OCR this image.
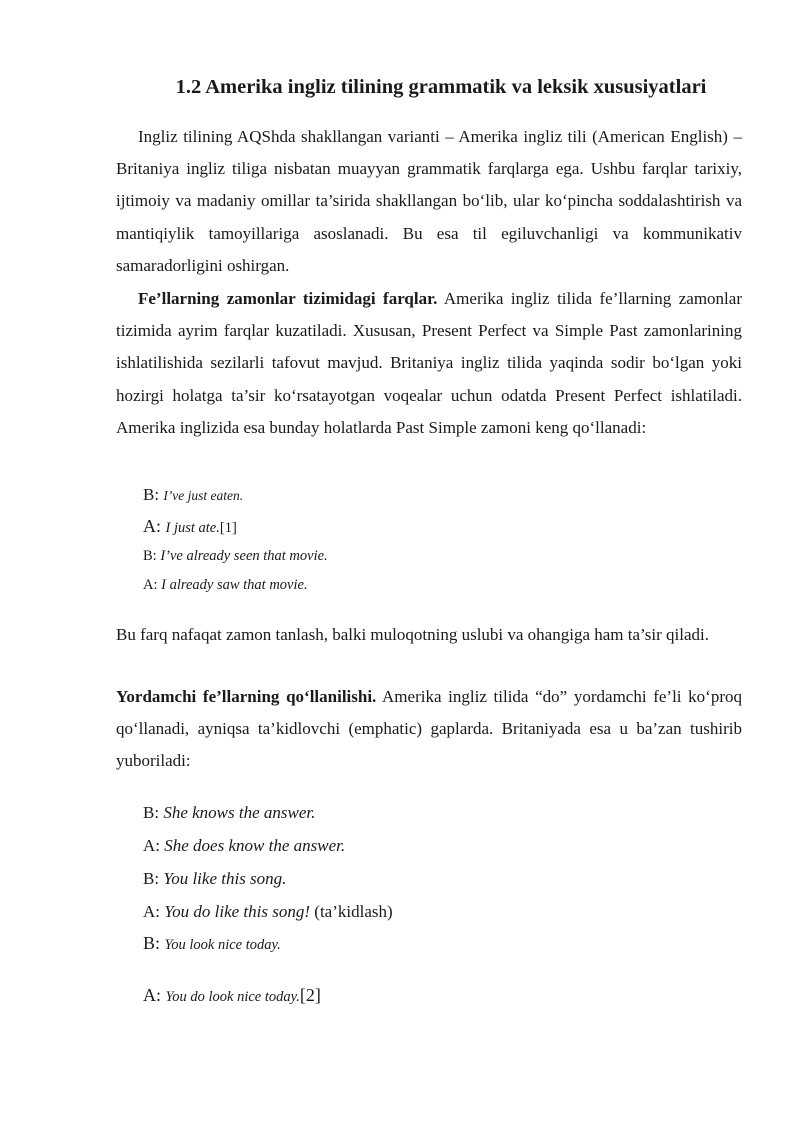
1.2 Amerika ingliz tilining grammatik va leksik xususiyatlari

Ingliz tilining AQShda shakllangan varianti – Amerika ingliz tili (American English) – Britaniya ingliz tiliga nisbatan muayyan grammatik farqlarga ega. Ushbu farqlar tarixiy, ijtimoiy va madaniy omillar ta’sirida shakllangan bo‘lib, ular ko‘pincha soddalashtirish va mantiqiylik tamoyillariga asoslanadi. Bu esa til egiluvchanligi va kommunikativ samaradorligini oshirgan.

Fe’llarning zamonlar tizimidagi farqlar. Amerika ingliz tilida fe’llarning zamonlar tizimida ayrim farqlar kuzatiladi. Xususan, Present Perfect va Simple Past zamonlarining ishlatilishida sezilarli tafovut mavjud. Britaniya ingliz tilida yaqinda sodir bo‘lgan yoki hozirgi holatga ta’sir ko‘rsatayotgan voqealar uchun odatda Present Perfect ishlatiladi. Amerika inglizida esa bunday holatlarda Past Simple zamoni keng qo‘llanadi:

B: I’ve just eaten.
A: I just ate.[1]
B: I’ve already seen that movie.
A: I already saw that movie.

Bu farq nafaqat zamon tanlash, balki muloqotning uslubi va ohangiga ham ta’sir qiladi.

Yordamchi fe’llarning qo‘llanilishi. Amerika ingliz tilida “do” yordamchi fe’li ko‘proq qo‘llanadi, ayniqsa ta’kidlovchi (emphatic) gaplarda. Britaniyada esa u ba’zan tushirib yuboriladi:

B: She knows the answer.
A: She does know the answer.
B: You like this song.
A: You do like this song! (ta’kidlash)
B: You look nice today.
A: You do look nice today.[2]
